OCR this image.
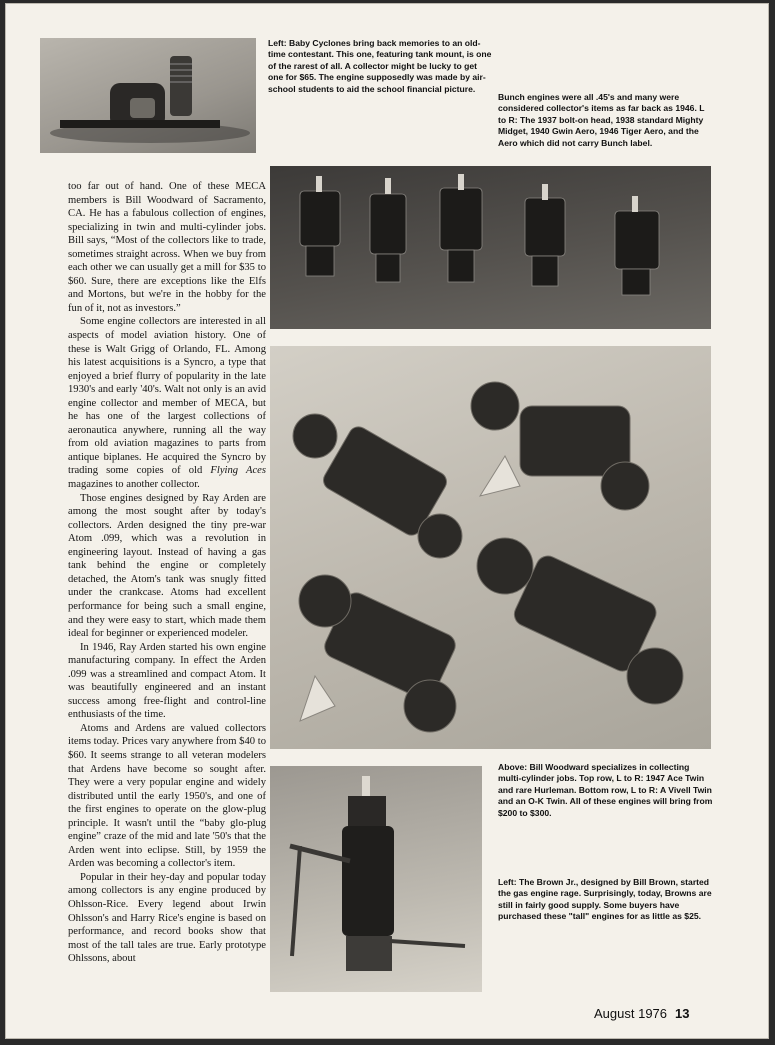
Left: Baby Cyclones bring back memories to an old-time contestant. This one, featuring tank mount, is one of the rarest of all. A collector might be lucky to get one for $65. The engine supposedly was made by air-school students to aid the school financial picture.

Bunch engines were all .45's and many were considered collector's items as far back as 1946. L to R: The 1937 bolt-on head, 1938 standard Mighty Midget, 1940 Gwin Aero, 1946 Tiger Aero, and the Aero which did not carry Bunch label.

Above: Bill Woodward specializes in collecting multi-cylinder jobs. Top row, L to R: 1947 Ace Twin and rare Hurleman. Bottom row, L to R: A Vivell Twin and an O-K Twin. All of these engines will bring from $200 to $300.

Left: The Brown Jr., designed by Bill Brown, started the gas engine rage. Surprisingly, today, Browns are still in fairly good supply. Some buyers have purchased these "tall" engines for as little as $25.

too far out of hand. One of these MECA members is Bill Woodward of Sacramento, CA. He has a fabulous collection of engines, specializing in twin and multi-cylinder jobs. Bill says, “Most of the collectors like to trade, sometimes straight across. When we buy from each other we can usually get a mill for $35 to $60. Sure, there are exceptions like the Elfs and Mortons, but we're in the hobby for the fun of it, not as investors.”

Some engine collectors are interested in all aspects of model aviation history. One of these is Walt Grigg of Orlando, FL. Among his latest acquisitions is a Syncro, a type that enjoyed a brief flurry of popularity in the late 1930's and early '40's. Walt not only is an avid engine collector and member of MECA, but he has one of the largest collections of aeronautica anywhere, running all the way from old aviation magazines to parts from antique biplanes. He acquired the Syncro by trading some copies of old Flying Aces magazines to another collector.

Those engines designed by Ray Arden are among the most sought after by today's collectors. Arden designed the tiny pre-war Atom .099, which was a revolution in engineering layout. Instead of having a gas tank behind the engine or completely detached, the Atom's tank was snugly fitted under the crankcase. Atoms had excellent performance for being such a small engine, and they were easy to start, which made them ideal for beginner or experienced modeler.

In 1946, Ray Arden started his own engine manufacturing company. In effect the Arden .099 was a streamlined and compact Atom. It was beautifully engineered and an instant success among free-flight and control-line enthusiasts of the time.

Atoms and Ardens are valued collectors items today. Prices vary anywhere from $40 to $60. It seems strange to all veteran modelers that Ardens have become so sought after. They were a very popular engine and widely distributed until the early 1950's, and one of the first engines to operate on the glow-plug principle. It wasn't until the “baby glo-plug engine” craze of the mid and late '50's that the Arden went into eclipse. Still, by 1959 the Arden was becoming a collector's item.

Popular in their hey-day and popular today among collectors is any engine produced by Ohlsson-Rice. Every legend about Irwin Ohlsson's and Harry Rice's engine is based on performance, and record books show that most of the tall tales are true. Early prototype Ohlssons, about

August 1976 13
